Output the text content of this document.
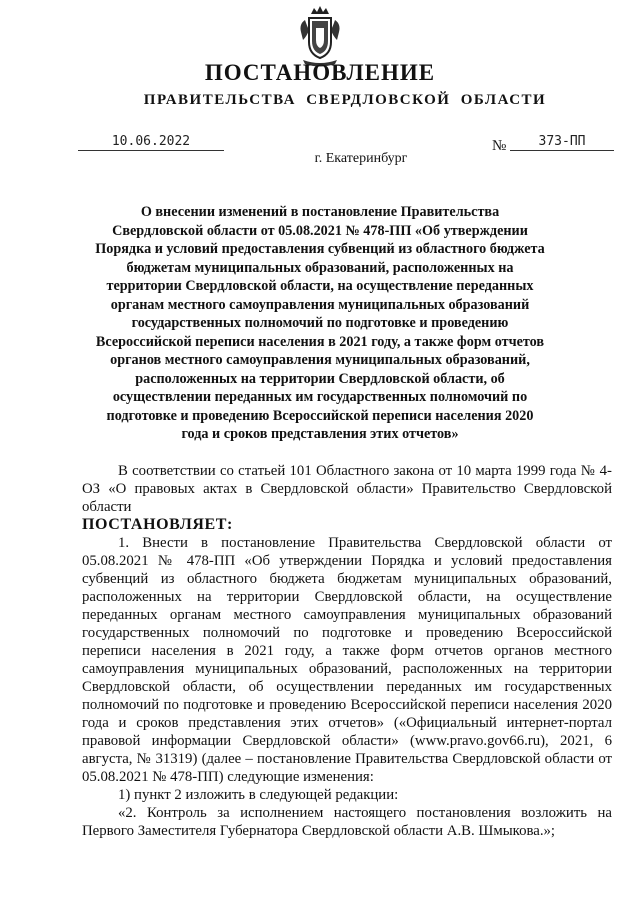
ПОСТАНОВЛЕНИЕ
ПРАВИТЕЛЬСТВА СВЕРДЛОВСКОЙ ОБЛАСТИ
10.06.2022	№	373-ПП
г. Екатеринбург
О внесении изменений в постановление Правительства Свердловской области от 05.08.2021 № 478-ПП «Об утверждении Порядка и условий предоставления субвенций из областного бюджета бюджетам муниципальных образований, расположенных на территории Свердловской области, на осуществление переданных органам местного самоуправления муниципальных образований государственных полномочий по подготовке и проведению Всероссийской переписи населения в 2021 году, а также форм отчетов органов местного самоуправления муниципальных образований, расположенных на территории Свердловской области, об осуществлении переданных им государственных полномочий по подготовке и проведению Всероссийской переписи населения 2020 года и сроков представления этих отчетов»

В соответствии со статьей 101 Областного закона от 10 марта 1999 года № 4-ОЗ «О правовых актах в Свердловской области» Правительство Свердловской области

ПОСТАНОВЛЯЕТ:

1. Внести в постановление Правительства Свердловской области от 05.08.2021 № 478-ПП «Об утверждении Порядка и условий предоставления субвенций из областного бюджета бюджетам муниципальных образований, расположенных на территории Свердловской области, на осуществление переданных органам местного самоуправления муниципальных образований государственных полномочий по подготовке и проведению Всероссийской переписи населения в 2021 году, а также форм отчетов органов местного самоуправления муниципальных образований, расположенных на территории Свердловской области, об осуществлении переданных им государственных полномочий по подготовке и проведению Всероссийской переписи населения 2020 года и сроков представления этих отчетов» («Официальный интернет-портал правовой информации Свердловской области» (www.pravo.gov66.ru), 2021, 6 августа, № 31319) (далее – постановление Правительства Свердловской области от 05.08.2021 № 478-ПП) следующие изменения:

1) пункт 2 изложить в следующей редакции:

«2. Контроль за исполнением настоящего постановления возложить на Первого Заместителя Губернатора Свердловской области А.В. Шмыкова.»;
